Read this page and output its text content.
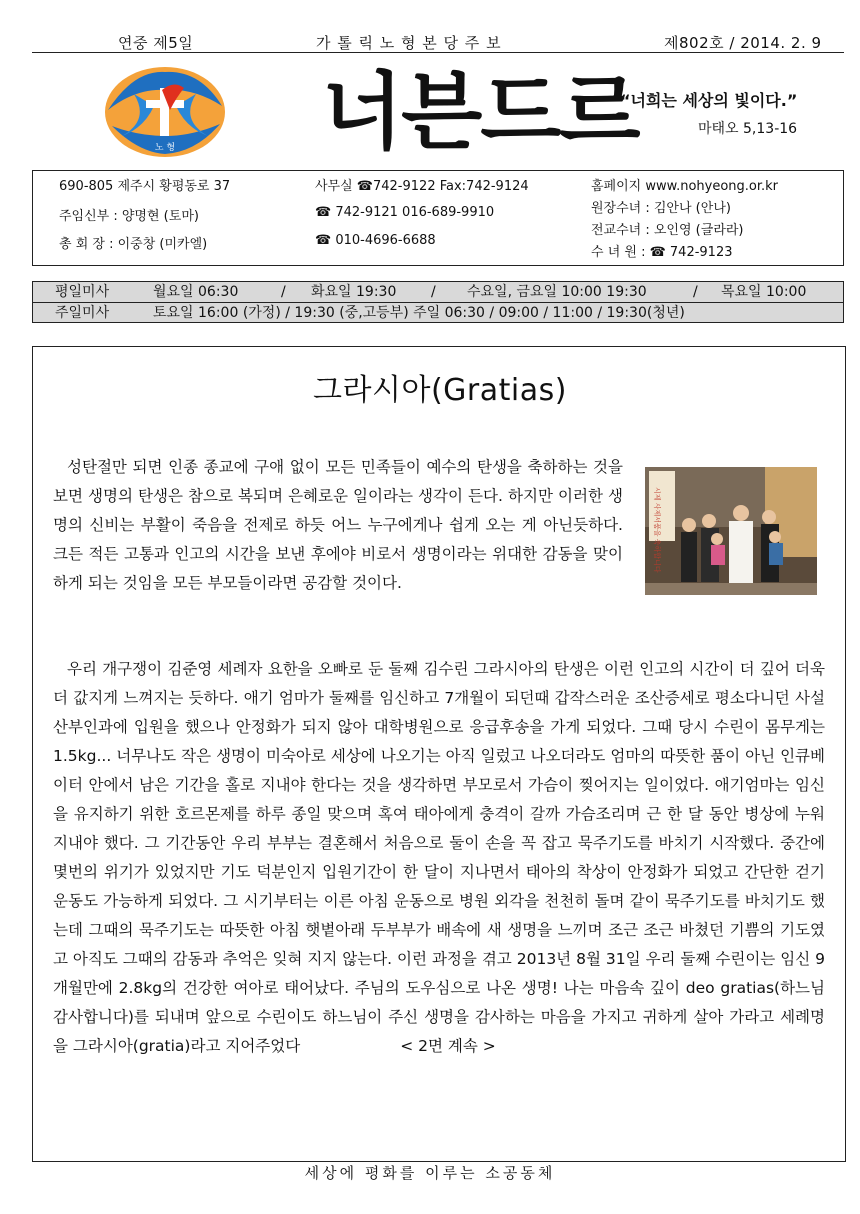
연중 제5일	가 톨 릭 노 형 본 당 주 보	제802호 / 2014. 2. 9
노 형 너븐드르
“너희는 세상의 빛이다.”
마태오 5,13-16
690-805 제주시 황평동로 37
주임신부 : 양명현 (토마)
총 회 장 : 이중창 (미카엘)
사무실 ☎742-9122 Fax:742-9124
☎ 742-9121 016-689-9910
☎ 010-4696-6688
홈페이지 www.nohyeong.or.kr
원장수녀 : 김안나 (안나)
전교수녀 : 오인영 (글라라)
수 녀 원 : ☎ 742-9123
평일미사	월요일 06:30	/ 화요일 19:30 / 수요일, 금요일 10:00 19:30	/ 목요일 10:00
주일미사	토요일 16:00 (가정) / 19:30 (중,고등부) 주일 06:30 / 09:00 / 11:00 / 19:30(청년)
그라시아(Gratias)
성탄절만 되면 인종 종교에 구애 없이 모든 민족들이 예수의 탄생을 축하하는 것을 보면 생명의 탄생은 참으로 복되며 은혜로운 일이라는 생각이 든다. 하지만 이러한 생명의 신비는 부활이 죽음을 전제로 하듯 어느 누구에게나 쉽게 오는 게 아닌듯하다. 크든 적든 고통과 인고의 시간을 보낸 후에야 비로서 생명이라는 위대한 감동을 맞이하게 되는 것임을 모든 부모들이라면 공감할 것이다.
시제 사제서품을 축하합니다
우리 개구쟁이 김준영 세례자 요한을 오빠로 둔 둘째 김수린 그라시아의 탄생은 이런 인고의 시간이 더 깊어 더욱더 값지게 느껴지는 듯하다. 애기 엄마가 둘째를 임신하고 7개월이 되던때 갑작스러운 조산증세로 평소다니던 사설 산부인과에 입원을 했으나 안정화가 되지 않아 대학병원으로 응급후송을 가게 되었다. 그때 당시 수린이 몸무게는 1.5kg... 너무나도 작은 생명이 미숙아로 세상에 나오기는 아직 일렀고 나오더라도 엄마의 따뜻한 품이 아닌 인큐베이터 안에서 남은 기간을 홀로 지내야 한다는 것을 생각하면 부모로서 가슴이 찢어지는 일이었다. 애기엄마는 임신을 유지하기 위한 호르몬제를 하루 종일 맞으며 혹여 태아에게 충격이 갈까 가슴조리며 근 한 달 동안 병상에 누워 지내야 했다. 그 기간동안 우리 부부는 결혼해서 처음으로 둘이 손을 꼭 잡고 묵주기도를 바치기 시작했다. 중간에 몇번의 위기가 있었지만 기도 덕분인지 입원기간이 한 달이 지나면서 태아의 착상이 안정화가 되었고 간단한 걷기 운동도 가능하게 되었다. 그 시기부터는 이른 아침 운동으로 병원 외각을 천천히 돌며 같이 묵주기도를 바치기도 했는데 그때의 묵주기도는 따뜻한 아침 햇볕아래 두부부가 배속에 새 생명을 느끼며 조근 조근 바쳤던 기쁨의 기도였고 아직도 그때의 감동과 추억은 잊혀 지지 않는다. 이런 과정을 겪고 2013년 8월 31일 우리 둘째 수린이는 임신 9개월만에 2.8kg의 건강한 여아로 태어났다. 주님의 도우심으로 나온 생명! 나는 마음속 깊이 deo gratias(하느님 감사합니다)를 되내며 앞으로 수린이도 하느님이 주신 생명을 감사하는 마음을 가지고 귀하게 살아 가라고 세례명을 그라시아(gratia)라고 지어주었다	< 2면 계속 >
세상에 평화를 이루는 소공동체
